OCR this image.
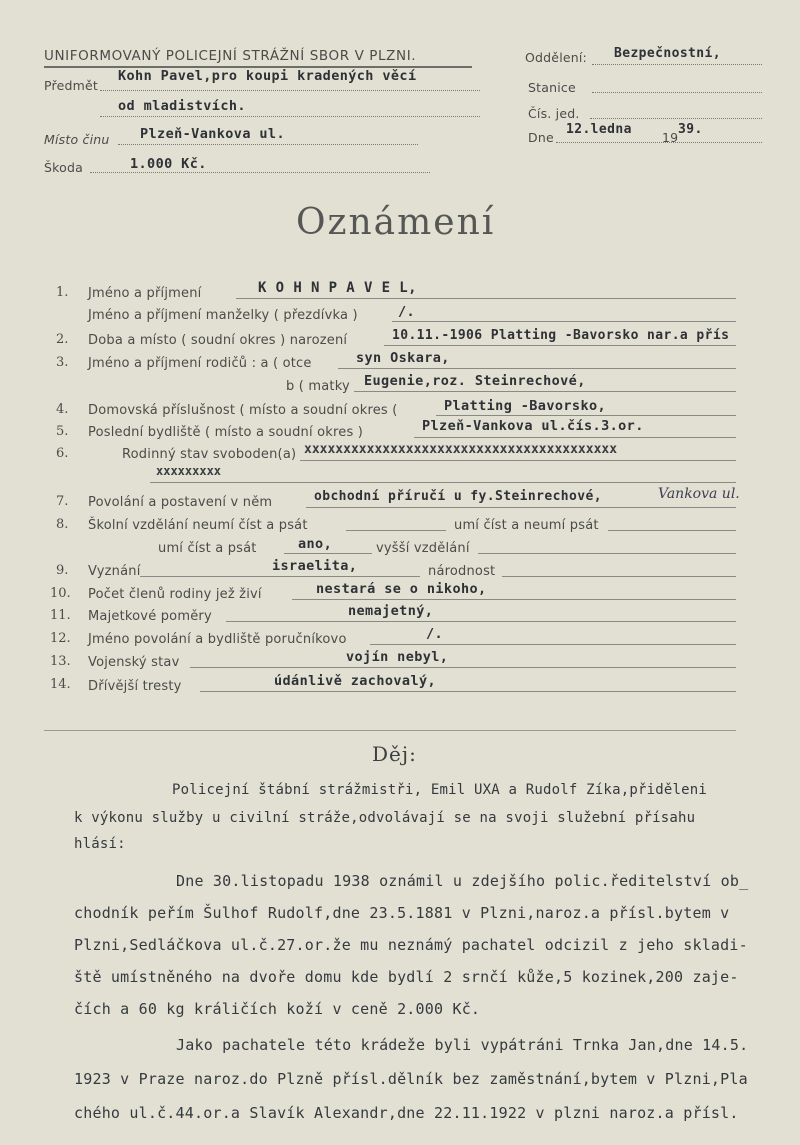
UNIFORMOVANÝ POLICEJNÍ STRÁŽNÍ SBOR V PLZNI.
Předmět
Kohn Pavel,pro koupi kradených věcí
od mladistvích.
Místo činu Plzeň-Vankova ul.
Škoda	1.000 Kč.
Oddělení: Bezpečnostní,
Stanice
Čís. jed.
Dne
12.ledna
19
39.
Oznámení
1. Jméno a příjmení	K O H N P A V E L,
Jméno a příjmení manželky ( přezdívka )	/.
2. Doba a místo ( soudní okres ) narození	10.11.-1906 Platting -Bavorsko nar.a přís
3. Jméno a příjmení rodičů : a ( otce	syn Oskara,
b ( matky Eugenie,roz. Steinrechové,
4. Domovská příslušnost ( místo a soudní okres (	Platting -Bavorsko,
5. Poslední bydliště ( místo a soudní okres )	Plzeň-Vankova ul.čís.3.or.
6.	Rodinný stav svoboden(a) xxxxxxxxxxxxxxxxxxxxxxxxxxxxxxxxxxxxxxxx
xxxxxxxxx
7. Povolání a postavení v něm	obchodní příručí u fy.Steinrechové,	Vankova ul.
8. Školní vzdělání neumí číst a psát	umí číst a neumí psát
umí číst a psát	ano,	vyšší vzdělání
9. Vyznání	israelita,	národnost
10. Počet členů rodiny jež živí	nestará se o nikoho,
11. Majetkové poměry	nemajetný,
12. Jméno povolání a bydliště poručníkovo	/.
13. Vojenský stav	vojín nebyl,
14. Dřívější tresty	údánlivě zachovalý,
Děj:
Policejní štábní strážmistři, Emil UXA a Rudolf Zíka,přiděleni
k výkonu služby u civilní stráže,odvolávají se na svoji služební přísahu
hlásí:
Dne 30.listopadu 1938 oznámil u zdejšího polic.ředitelství ob_
chodník peřím Šulhof Rudolf,dne 23.5.1881 v Plzni,naroz.a přísl.bytem v
Plzni,Sedláčkova ul.č.27.or.že mu neznámý pachatel odcizil z jeho skladi-
ště umístněného na dvoře domu kde bydlí 2 srnčí kůže,5 kozinek,200 zaje-
čích a 60 kg králičích koží v ceně 2.000 Kč.
Jako pachatele této krádeže byli vypátráni Trnka Jan,dne 14.5.
1923 v Praze naroz.do Plzně přísl.dělník bez zaměstnání,bytem v Plzni,Pla
chého ul.č.44.or.a Slavík Alexandr,dne 22.11.1922 v plzni naroz.a přísl.
